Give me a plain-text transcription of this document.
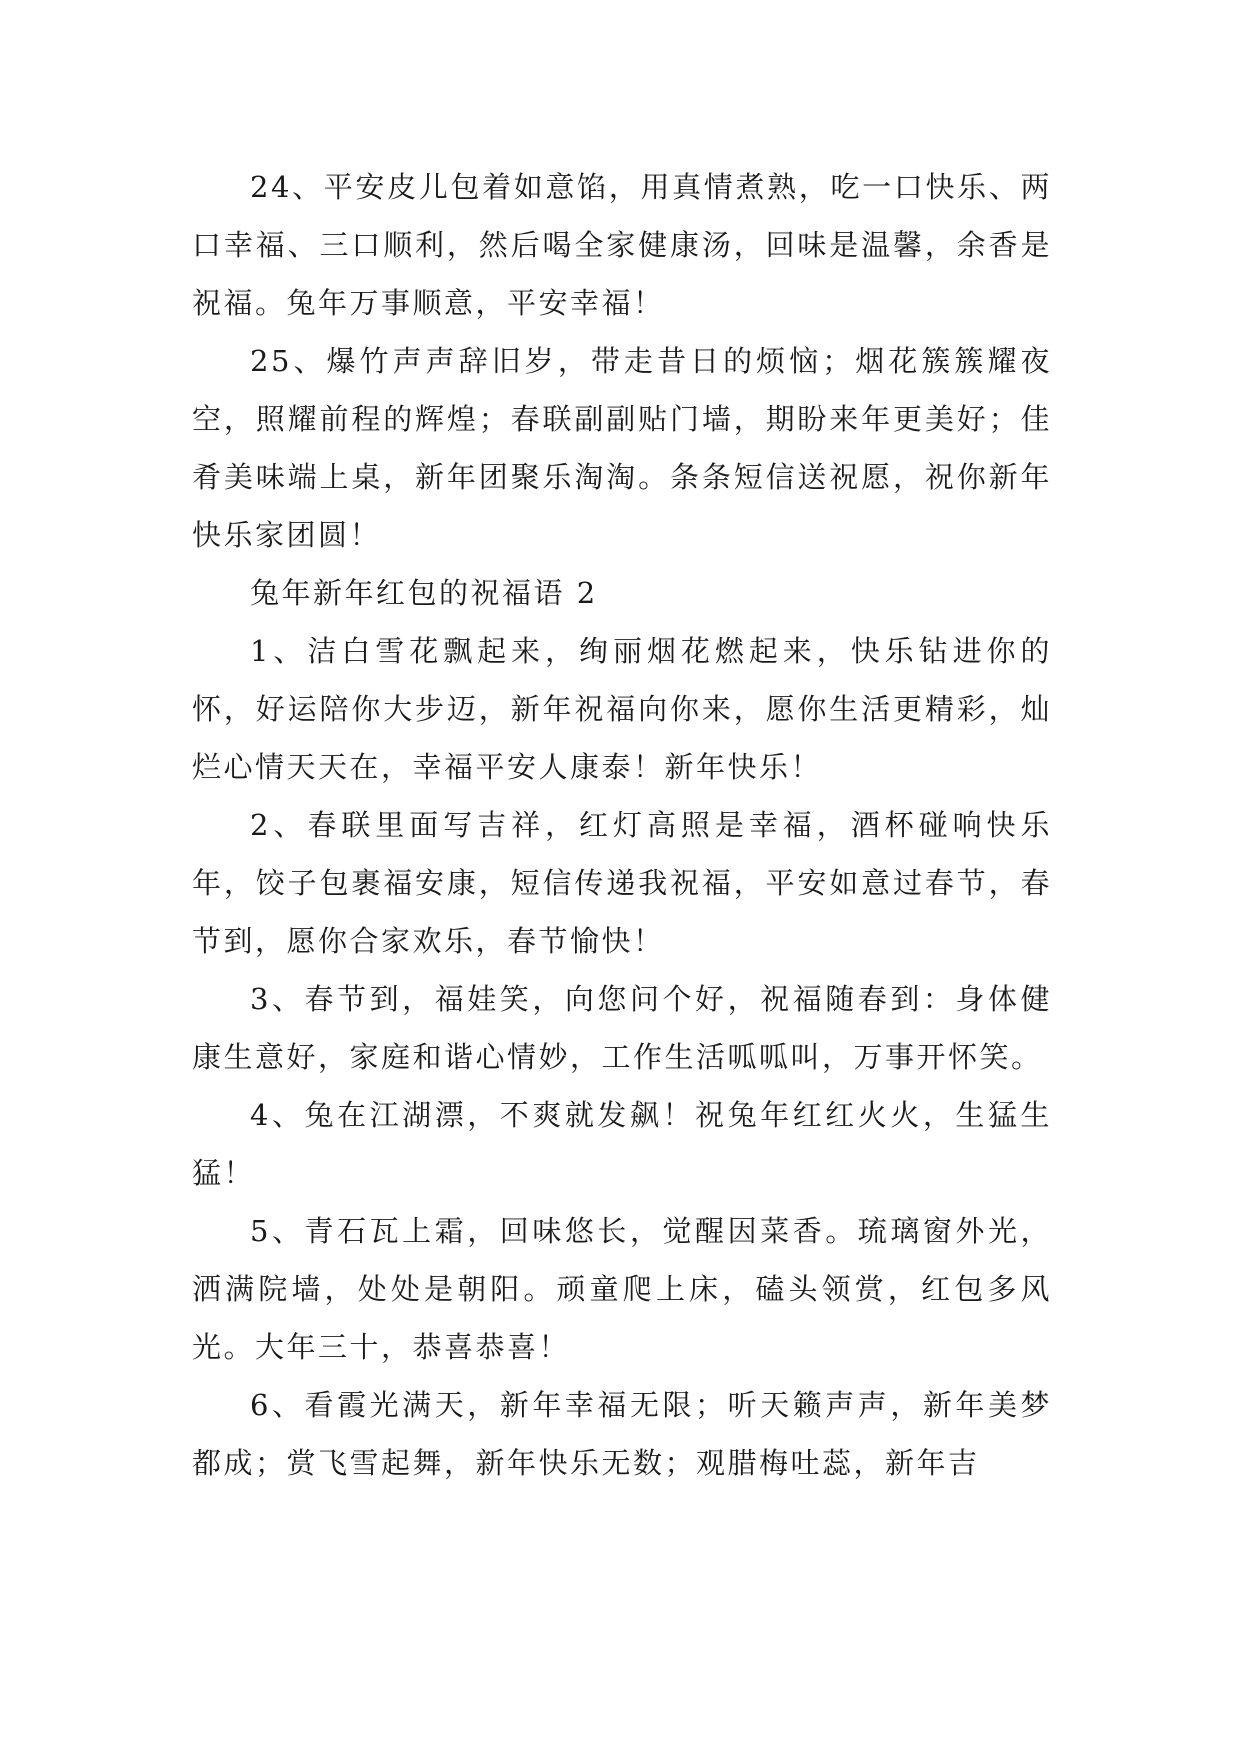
24、平安皮儿包着如意馅，用真情煮熟，吃一口快乐、两口幸福、三口顺利，然后喝全家健康汤，回味是温馨，余香是祝福。兔年万事顺意，平安幸福！

25、爆竹声声辞旧岁，带走昔日的烦恼；烟花簇簇耀夜空，照耀前程的辉煌；春联副副贴门墙，期盼来年更美好；佳肴美味端上桌，新年团聚乐淘淘。条条短信送祝愿，祝你新年快乐家团圆！

兔年新年红包的祝福语 2

1、洁白雪花飘起来，绚丽烟花燃起来，快乐钻进你的怀，好运陪你大步迈，新年祝福向你来，愿你生活更精彩，灿烂心情天天在，幸福平安人康泰！新年快乐！

2、春联里面写吉祥，红灯高照是幸福，酒杯碰响快乐年，饺子包裹福安康，短信传递我祝福，平安如意过春节，春节到，愿你合家欢乐，春节愉快！

3、春节到，福娃笑，向您问个好，祝福随春到：身体健康生意好，家庭和谐心情妙，工作生活呱呱叫，万事开怀笑。

4、兔在江湖漂，不爽就发飙！祝兔年红红火火，生猛生猛！

5、青石瓦上霜，回味悠长，觉醒因菜香。琉璃窗外光，洒满院墙，处处是朝阳。顽童爬上床，磕头领赏，红包多风光。大年三十，恭喜恭喜！

6、看霞光满天，新年幸福无限；听天籁声声，新年美梦都成；赏飞雪起舞，新年快乐无数；观腊梅吐蕊，新年吉
